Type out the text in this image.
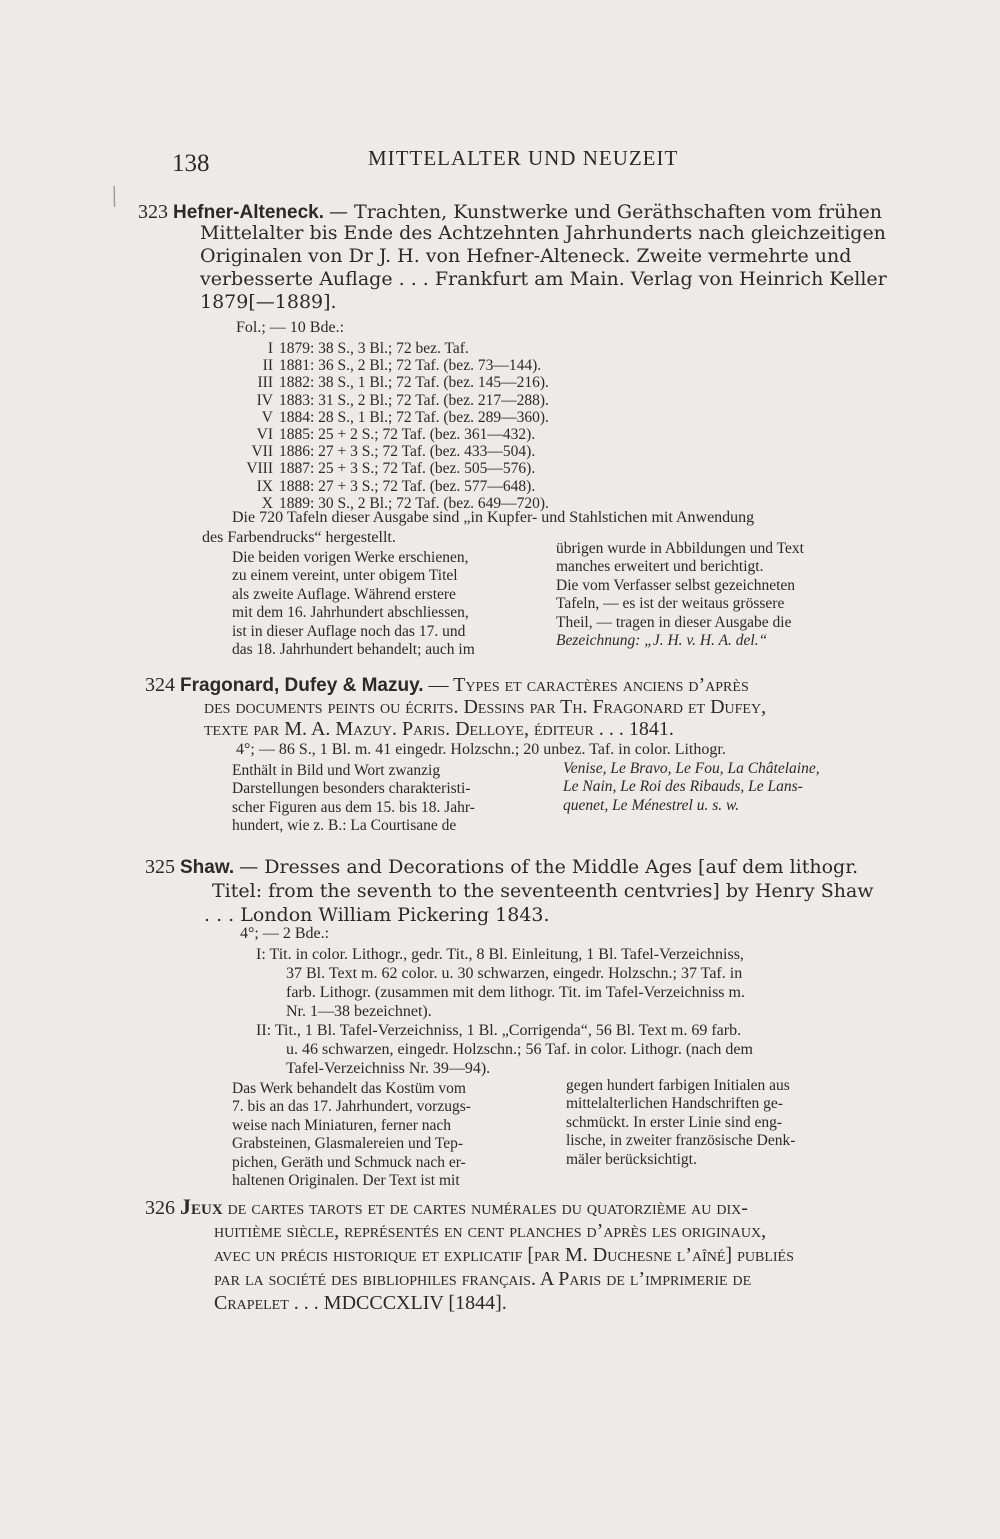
138	MITTELALTER UND NEUZEIT
\ 323 Hefner-Alteneck. — Trachten, Kunstwerke und Geräthschaften vom frühen
Mittelalter bis Ende des Achtzehnten Jahrhunderts nach gleichzeitigen
Originalen von Dr J. H. von Hefner-Alteneck. Zweite vermehrte und
verbesserte Auflage . . . Frankfurt am Main. Verlag von Heinrich Keller
1879[—1889].
Fol.; — 10 Bde.:
I 1879: 38 S., 3 Bl.; 72 bez. Taf.
II 1881: 36 S., 2 Bl.; 72 Taf. (bez. 73—144).
III 1882: 38 S., 1 Bl.; 72 Taf. (bez. 145—216).
IV 1883: 31 S., 2 Bl.; 72 Taf. (bez. 217—288).
V 1884: 28 S., 1 Bl.; 72 Taf. (bez. 289—360).
VI 1885: 25 + 2 S.; 72 Taf. (bez. 361—432).
VII 1886: 27 + 3 S.; 72 Taf. (bez. 433—504).
VIII 1887: 25 + 3 S.; 72 Taf. (bez. 505—576).
IX 1888: 27 + 3 S.; 72 Taf. (bez. 577—648).
X 1889: 30 S., 2 Bl.; 72 Taf. (bez. 649—720).
Die 720 Tafeln dieser Ausgabe sind „in Kupfer- und Stahlstichen mit Anwendung
des Farbendrucks“ hergestellt.

Die beiden vorigen Werke erschienen,

zu einem vereint, unter obigem Titel

als zweite Auflage. Während erstere

mit dem 16. Jahrhundert abschliessen,

ist in dieser Auflage noch das 17. und

das 18. Jahrhundert behandelt; auch im

übrigen wurde in Abbildungen und Text

manches erweitert und berichtigt.

Die vom Verfasser selbst gezeichneten

Tafeln, — es ist der weitaus grössere

Theil, — tragen in dieser Ausgabe die

Bezeichnung: „J. H. v. H. A. del.“

324 Fragonard, Dufey & Mazuy. — Types et caractères anciens d’après
des documents peints ou écrits. Dessins par Th. Fragonard et Dufey,
texte par M. A. Mazuy. Paris. Delloye, éditeur . . . 1841.
4°; — 86 S., 1 Bl. m. 41 eingedr. Holzschn.; 20 unbez. Taf. in color. Lithogr.

Enthält in Bild und Wort zwanzig

Darstellungen besonders charakteristi-

scher Figuren aus dem 15. bis 18. Jahr-

hundert, wie z. B.: La Courtisane de

Venise, Le Bravo, Le Fou, La Châtelaine,

Le Nain, Le Roi des Ribauds, Le Lans-

quenet, Le Ménestrel u. s. w.

325 Shaw. — Dresses and Decorations of the Middle Ages [auf dem lithogr.
Titel: from the seventh to the seventeenth centvries] by Henry Shaw
. . . London William Pickering 1843.
4°; — 2 Bde.:
I: Tit. in color. Lithogr., gedr. Tit., 8 Bl. Einleitung, 1 Bl. Tafel-Verzeichniss,
37 Bl. Text m. 62 color. u. 30 schwarzen, eingedr. Holzschn.; 37 Taf. in
farb. Lithogr. (zusammen mit dem lithogr. Tit. im Tafel-Verzeichniss m.
Nr. 1—38 bezeichnet).
II: Tit., 1 Bl. Tafel-Verzeichniss, 1 Bl. „Corrigenda“, 56 Bl. Text m. 69 farb.
u. 46 schwarzen, eingedr. Holzschn.; 56 Taf. in color. Lithogr. (nach dem
Tafel-Verzeichniss Nr. 39—94).

Das Werk behandelt das Kostüm vom

7. bis an das 17. Jahrhundert, vorzugs-

weise nach Miniaturen, ferner nach

Grabsteinen, Glasmalereien und Tep-

pichen, Geräth und Schmuck nach er-

haltenen Originalen. Der Text ist mit

gegen hundert farbigen Initialen aus

mittelalterlichen Handschriften ge-

schmückt. In erster Linie sind eng-

lische, in zweiter französische Denk-

mäler berücksichtigt.

326 Jeux de cartes tarots et de cartes numérales du quatorzième au dix-
huitième siècle, représentés en cent planches d’après les originaux,
avec un précis historique et explicatif [par M. Duchesne l’aîné] publiés
par la société des bibliophiles français. A Paris de l’imprimerie de
Crapelet . . . MDCCCXLIV [1844].
